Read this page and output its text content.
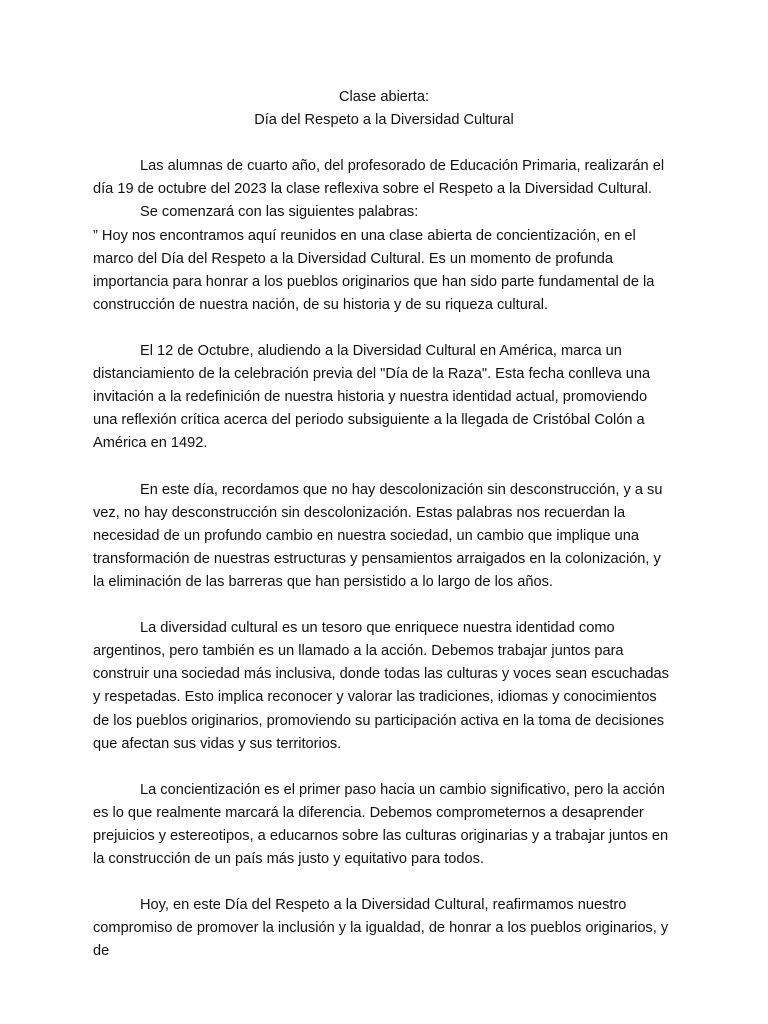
Clase abierta:

Día del Respeto a la Diversidad Cultural

Las alumnas de cuarto año, del profesorado de Educación Primaria, realizarán el día 19 de octubre del 2023 la clase reflexiva sobre el Respeto a la Diversidad Cultural.

Se comenzará con las siguientes palabras:

” Hoy nos encontramos aquí reunidos en una clase abierta de concientización, en el marco del Día del Respeto a la Diversidad Cultural. Es un momento de profunda importancia para honrar a los pueblos originarios que han sido parte fundamental de la construcción de nuestra nación, de su historia y de su riqueza cultural.

El 12 de Octubre, aludiendo a la Diversidad Cultural en América, marca un distanciamiento de la celebración previa del "Día de la Raza". Esta fecha conlleva una invitación a la redefinición de nuestra historia y nuestra identidad actual, promoviendo una reflexión crítica acerca del periodo subsiguiente a la llegada de Cristóbal Colón a América en 1492.

En este día, recordamos que no hay descolonización sin desconstrucción, y a su vez, no hay desconstrucción sin descolonización. Estas palabras nos recuerdan la necesidad de un profundo cambio en nuestra sociedad, un cambio que implique una transformación de nuestras estructuras y pensamientos arraigados en la colonización, y la eliminación de las barreras que han persistido a lo largo de los años.

La diversidad cultural es un tesoro que enriquece nuestra identidad como argentinos, pero también es un llamado a la acción. Debemos trabajar juntos para construir una sociedad más inclusiva, donde todas las culturas y voces sean escuchadas y respetadas. Esto implica reconocer y valorar las tradiciones, idiomas y conocimientos de los pueblos originarios, promoviendo su participación activa en la toma de decisiones que afectan sus vidas y sus territorios.

La concientización es el primer paso hacia un cambio significativo, pero la acción es lo que realmente marcará la diferencia. Debemos comprometernos a desaprender prejuicios y estereotipos, a educarnos sobre las culturas originarias y a trabajar juntos en la construcción de un país más justo y equitativo para todos.

Hoy, en este Día del Respeto a la Diversidad Cultural, reafirmamos nuestro compromiso de promover la inclusión y la igualdad, de honrar a los pueblos originarios, y de
